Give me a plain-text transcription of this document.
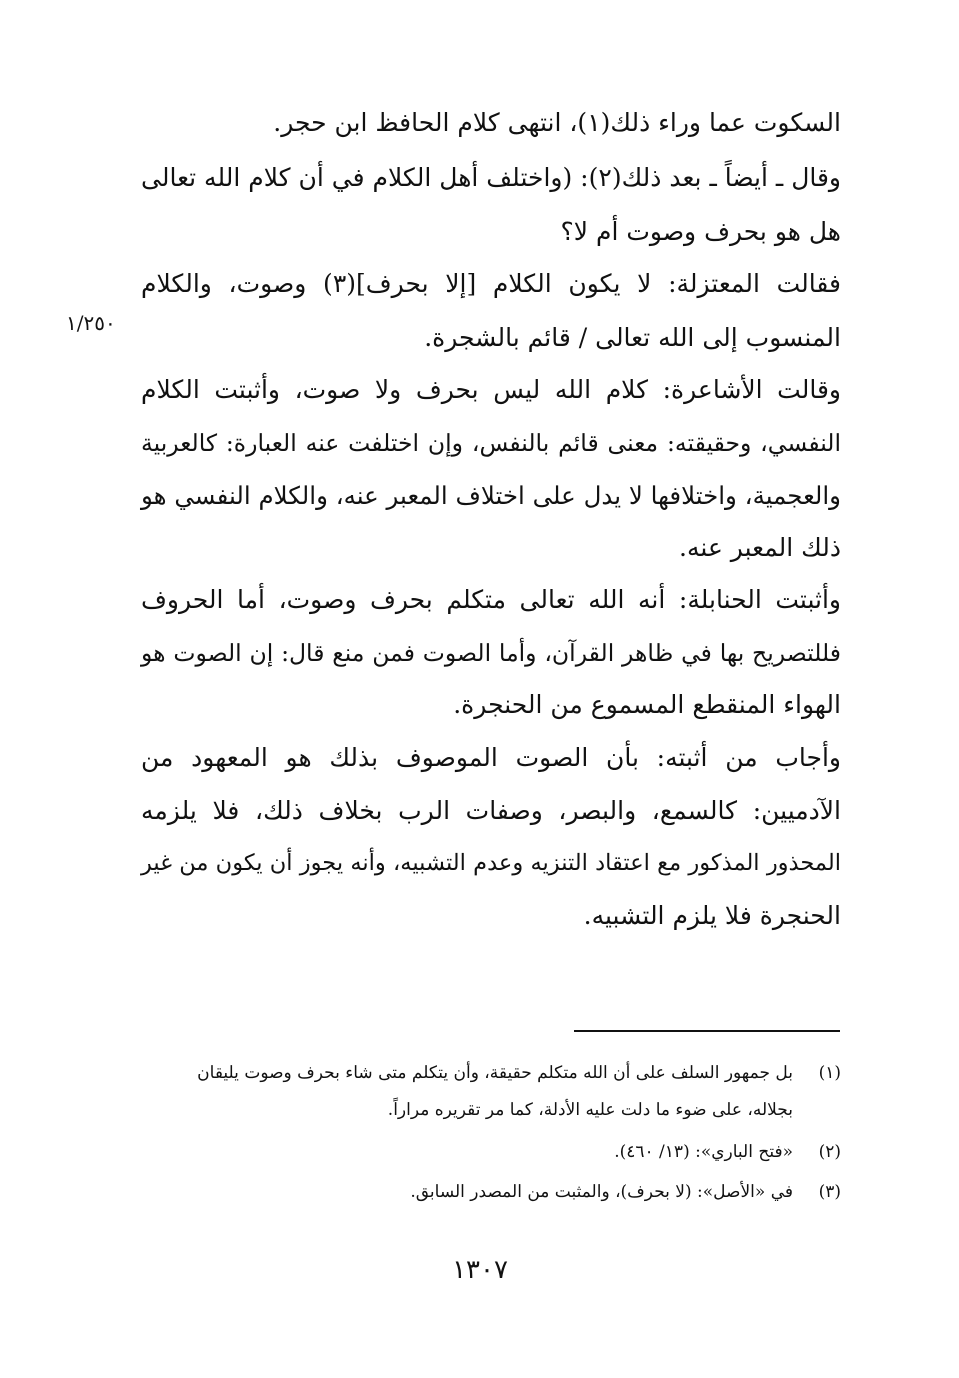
السكوت عما وراء ذلك(١)، انتهى كلام الحافظ ابن حجر.
وقال ـ أيضاً ـ بعد ذلك(٢): (واختلف أهل الكلام في أن كلام الله تعالى
هل هو بحرف وصوت أم لا؟
فقالت المعتزلة: لا يكون الكلام [إلا بحرف](٣) وصوت، والكلام
المنسوب إلى الله تعالى / قائم بالشجرة.
وقالت الأشاعرة: كلام الله ليس بحرف ولا صوت، وأثبتت الكلام
النفسي، وحقيقته: معنى قائم بالنفس، وإن اختلفت عنه العبارة: كالعربية
والعجمية، واختلافها لا يدل على اختلاف المعبر عنه، والكلام النفسي هو
ذلك المعبر عنه.
وأثبتت الحنابلة: أنه الله تعالى متكلم بحرف وصوت، أما الحروف
فللتصريح بها في ظاهر القرآن، وأما الصوت فمن منع قال: إن الصوت هو
الهواء المنقطع المسموع من الحنجرة.
وأجاب من أثبته: بأن الصوت الموصوف بذلك هو المعهود من
الآدميين: كالسمع، والبصر، وصفات الرب بخلاف ذلك، فلا يلزمه
المحذور المذكور مع اعتقاد التنزيه وعدم التشبيه، وأنه يجوز أن يكون من غير
الحنجرة فلا يلزم التشبيه.
١/٢٥٠
(١)بل جمهور السلف على أن الله متكلم حقيقة، وأن يتكلم متى شاء بحرف وصوت يليقان
بجلاله، على ضوء ما دلت عليه الأدلة، كما مر تقريره مراراً.
(٢)«فتح الباري»: (١٣/ ٤٦٠).
(٣)في «الأصل»: (لا بحرف)، والمثبت من المصدر السابق.
١٣٠٧
